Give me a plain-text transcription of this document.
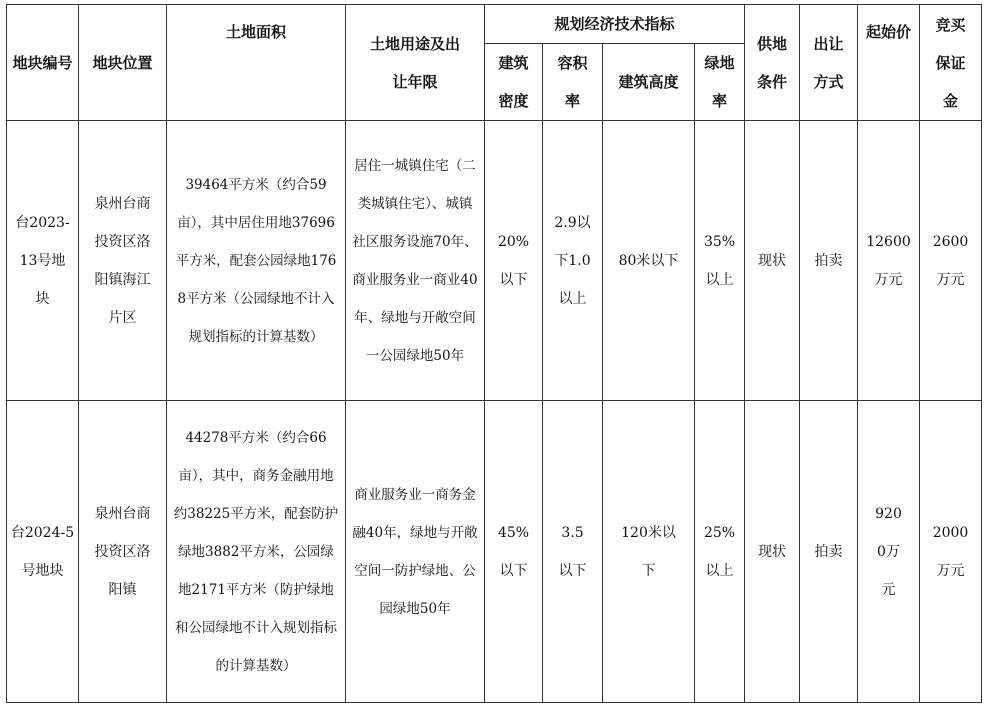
地块编号	地块位置	土地面积	土地用途及出让年限	规划经济技术指标				供地条件	出让方式	起始价	竞买保证金

				建筑密度	容积率	建筑高度	绿地率				

台2023-13号地块	泉州台商投资区洛阳镇海江片区	39464平方米（约合59亩），其中居住用地37696平方米，配套公园绿地1768平方米（公园绿地不计入规划指标的计算基数）	居住一城镇住宅（二类城镇住宅）、城镇社区服务设施70年、商业服务业一商业40年、绿地与开敞空间一公园绿地50年	20%以下	2.9以下1.0以上	80米以下	35%以上	现状	拍卖	12600万元	2600万元

台2024-5号地块	泉州台商投资区洛阳镇	44278平方米（约合66亩），其中，商务金融用地约38225平方米，配套防护绿地3882平方米，公园绿地2171平方米（防护绿地和公园绿地不计入规划指标的计算基数）	商业服务业一商务金融40年，绿地与开敞空间一防护绿地、公园绿地50年	45%以下	3.5以下	120米以下	25%以上	现状	拍卖	9200万元	2000万元
